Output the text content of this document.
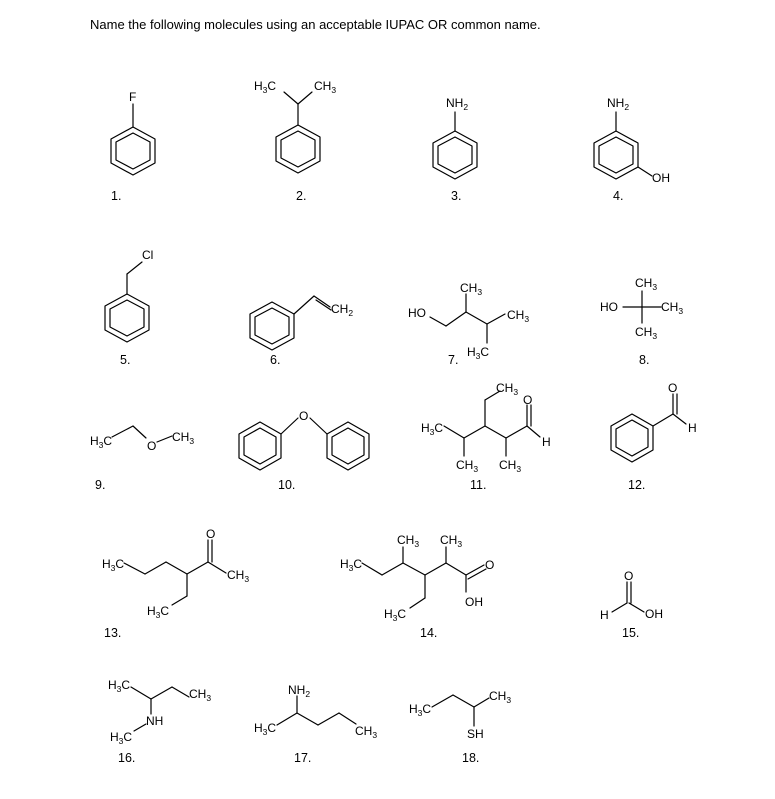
Name the following molecules using an acceptable IUPAC OR common name.
F
1.
$H_3C$	$CH_3$
2.
$NH_2$
3.
$NH_2$
OH
4.
Cl
5.
$CH_2$
6.
HO
$CH_3$
$CH_3$
$H_3C$
7.
HO
$CH_3$
$CH_3$
$CH_3$
8.
$H_3C$	O
$CH_3$
9.
O
10.
$CH_3$
O
$H_3C$
H
$CH_3$ $CH_3$
11.
O
H
12.
O
$H_3C$
$CH_3$
$H_3C$
13.
$CH_3$ $CH_3$
$H_3C$	O
OH
$H_3C$
14.
O
H	OH
15.
$H_3C$
$CH_3$
NH
$H_3C$
16.
$NH_2$
$H_3C$	$CH_3$
17.
$H_3C$
$CH_3$
SH
18.
